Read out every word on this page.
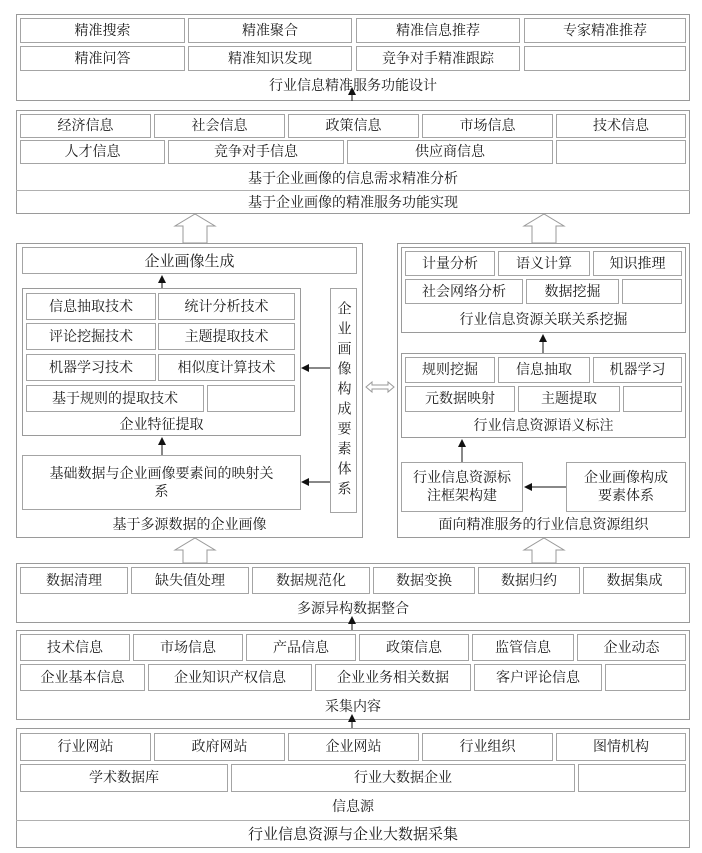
精准搜索	精准聚合	精准信息推荐	专家精准推荐
精准问答	精准知识发现	竞争对手精准跟踪
行业信息精准服务功能设计
经济信息	社会信息	政策信息	市场信息	技术信息
人才信息	竞争对手信息	供应商信息
基于企业画像的信息需求精准分析
基于企业画像的精准服务功能实现
企业画像生成
信息抽取技术	统计分析技术
评论挖掘技术	主题提取技术
机器学习技术	相似度计算技术
基于规则的提取技术
企业特征提取	企业画像构成要素体系
基础数据与企业画像要素间的映射关系
基于多源数据的企业画像
计量分析	语义计算	知识推理
社会网络分析	数据挖掘
行业信息资源关联关系挖掘
规则挖掘	信息抽取	机器学习
元数据映射	主题提取
行业信息资源语义标注
行业信息资源标注框架构建
企业画像构成要素体系
面向精准服务的行业信息资源组织
数据清理	缺失值处理	数据规范化	数据变换	数据归约	数据集成
多源异构数据整合
技术信息	市场信息	产品信息	政策信息	监管信息	企业动态
企业基本信息	企业知识产权信息	企业业务相关数据	客户评论信息
采集内容
行业网站	政府网站	企业网站	行业组织	图情机构
学术数据库	行业大数据企业
信息源
行业信息资源与企业大数据采集
